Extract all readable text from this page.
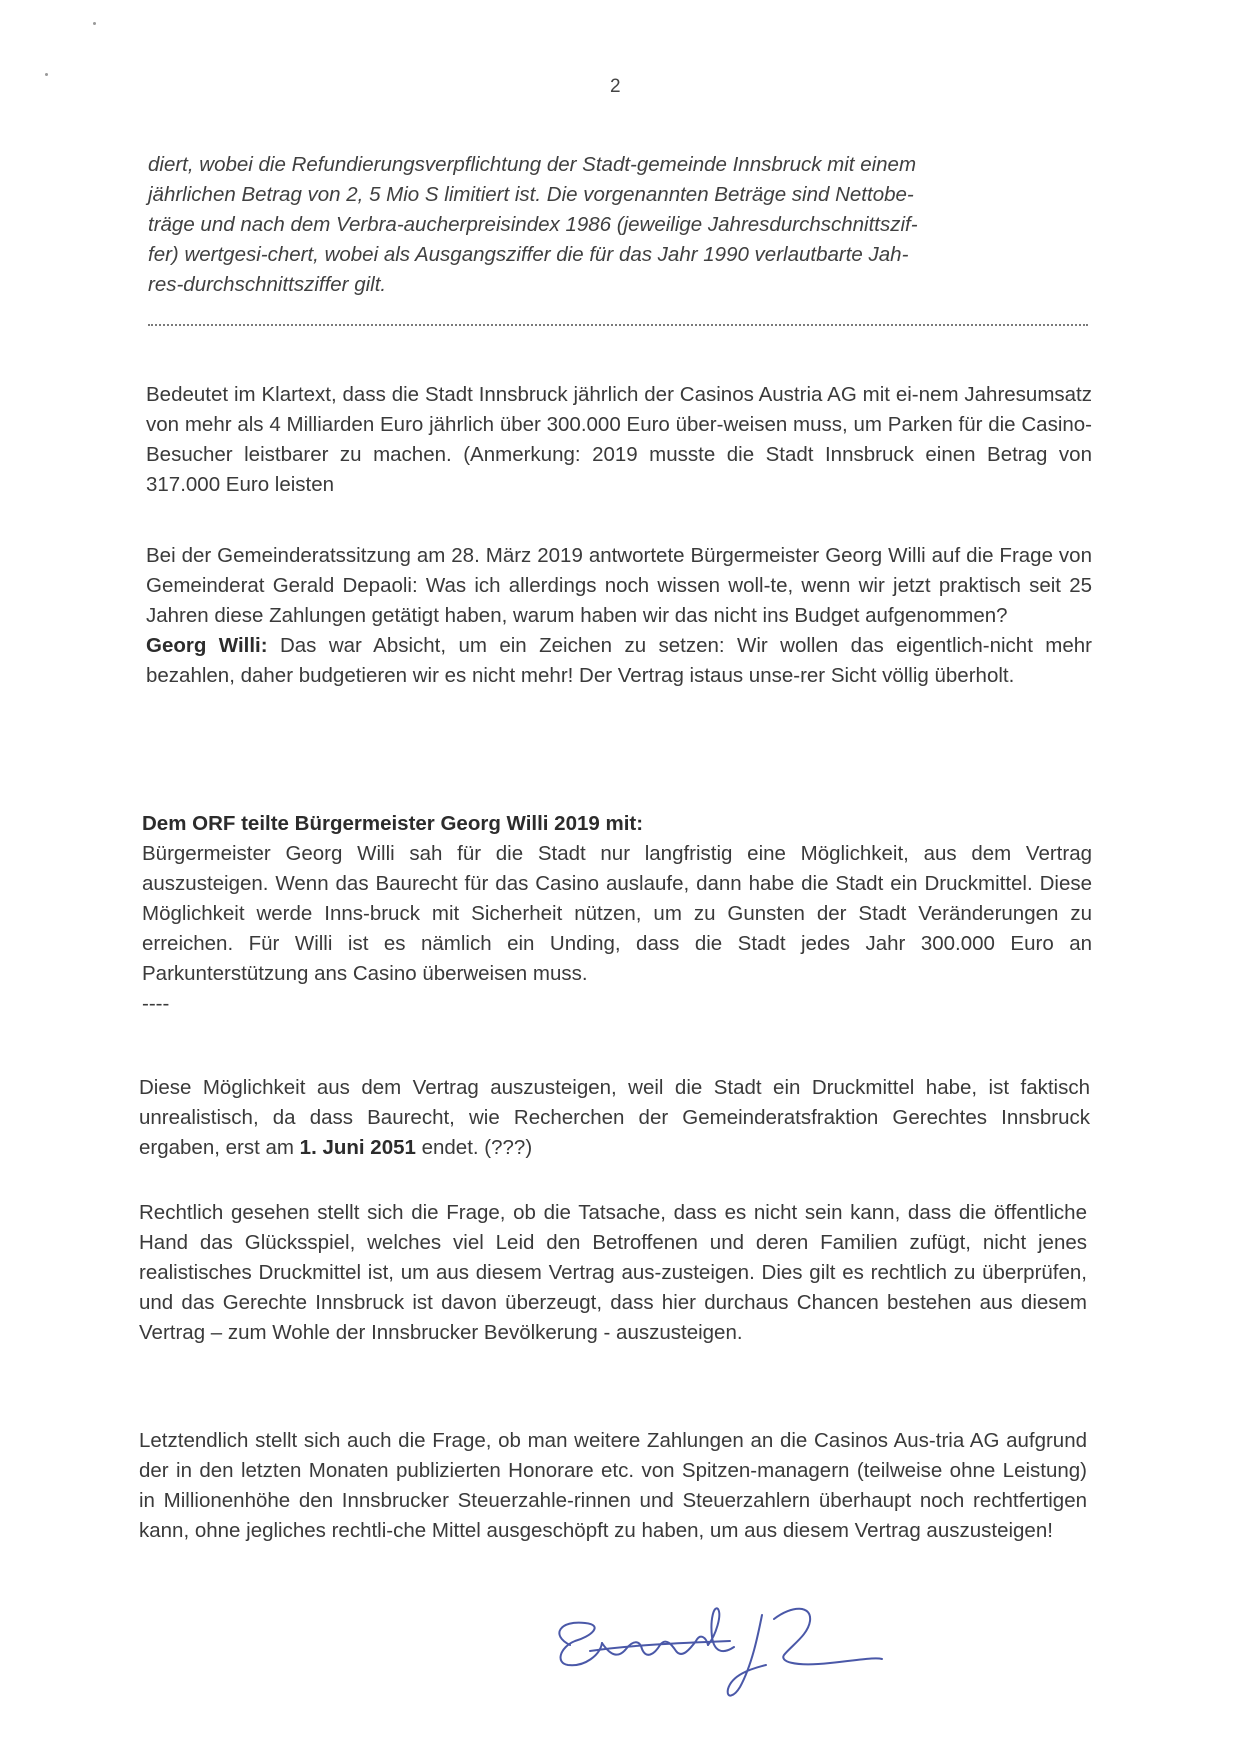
2
diert, wobei die Refundierungsverpflichtung der Stadt-gemeinde Innsbruck mit einem
jährlichen Betrag von 2, 5 Mio S limitiert ist. Die vorgenannten Beträge sind Nettobe-
träge und nach dem Verbra-aucherpreisindex 1986 (jeweilige Jahresdurchschnittszif-
fer) wertgesi-chert, wobei als Ausgangsziffer die für das Jahr 1990 verlautbarte Jah-
res-durchschnittsziffer gilt.

Bedeutet im Klartext, dass die Stadt Innsbruck jährlich der Casinos Austria AG mit ei-nem Jahresumsatz von mehr als 4 Milliarden Euro jährlich über 300.000 Euro über-weisen muss, um Parken für die Casino-Besucher leistbarer zu machen. (Anmerkung: 2019 musste die Stadt Innsbruck einen Betrag von 317.000 Euro leisten

Bei der Gemeinderatssitzung am 28. März 2019 antwortete Bürgermeister Georg Willi auf die Frage von Gemeinderat Gerald Depaoli: Was ich allerdings noch wissen woll-te, wenn wir jetzt praktisch seit 25 Jahren diese Zahlungen getätigt haben, warum haben wir das nicht ins Budget aufgenommen?

Georg Willi: Das war Absicht, um ein Zeichen zu setzen: Wir wollen das eigentlich-nicht mehr bezahlen, daher budgetieren wir es nicht mehr! Der Vertrag istaus unse-rer Sicht völlig überholt.

Dem ORF teilte Bürgermeister Georg Willi 2019 mit:

Bürgermeister Georg Willi sah für die Stadt nur langfristig eine Möglichkeit, aus dem Vertrag auszusteigen. Wenn das Baurecht für das Casino auslaufe, dann habe die Stadt ein Druckmittel. Diese Möglichkeit werde Inns-bruck mit Sicherheit nützen, um zu Gunsten der Stadt Veränderungen zu erreichen. Für Willi ist es nämlich ein Unding, dass die Stadt jedes Jahr 300.000 Euro an Parkunterstützung ans Casino überweisen muss.

----

Diese Möglichkeit aus dem Vertrag auszusteigen, weil die Stadt ein Druckmittel habe, ist faktisch unrealistisch, da dass Baurecht, wie Recherchen der Gemeinderatsfraktion Gerechtes Innsbruck ergaben, erst am 1. Juni 2051 endet. (???)

Rechtlich gesehen stellt sich die Frage, ob die Tatsache, dass es nicht sein kann, dass die öffentliche Hand das Glücksspiel, welches viel Leid den Betroffenen und deren Familien zufügt, nicht jenes realistisches Druckmittel ist, um aus diesem Vertrag aus-zusteigen. Dies gilt es rechtlich zu überprüfen, und das Gerechte Innsbruck ist davon überzeugt, dass hier durchaus Chancen bestehen aus diesem Vertrag – zum Wohle der Innsbrucker Bevölkerung - auszusteigen.

Letztendlich stellt sich auch die Frage, ob man weitere Zahlungen an die Casinos Aus-tria AG aufgrund der in den letzten Monaten publizierten Honorare etc. von Spitzen-managern (teilweise ohne Leistung) in Millionenhöhe den Innsbrucker Steuerzahle-rinnen und Steuerzahlern überhaupt noch rechtfertigen kann, ohne jegliches rechtli-che Mittel ausgeschöpft zu haben, um aus diesem Vertrag auszusteigen!
